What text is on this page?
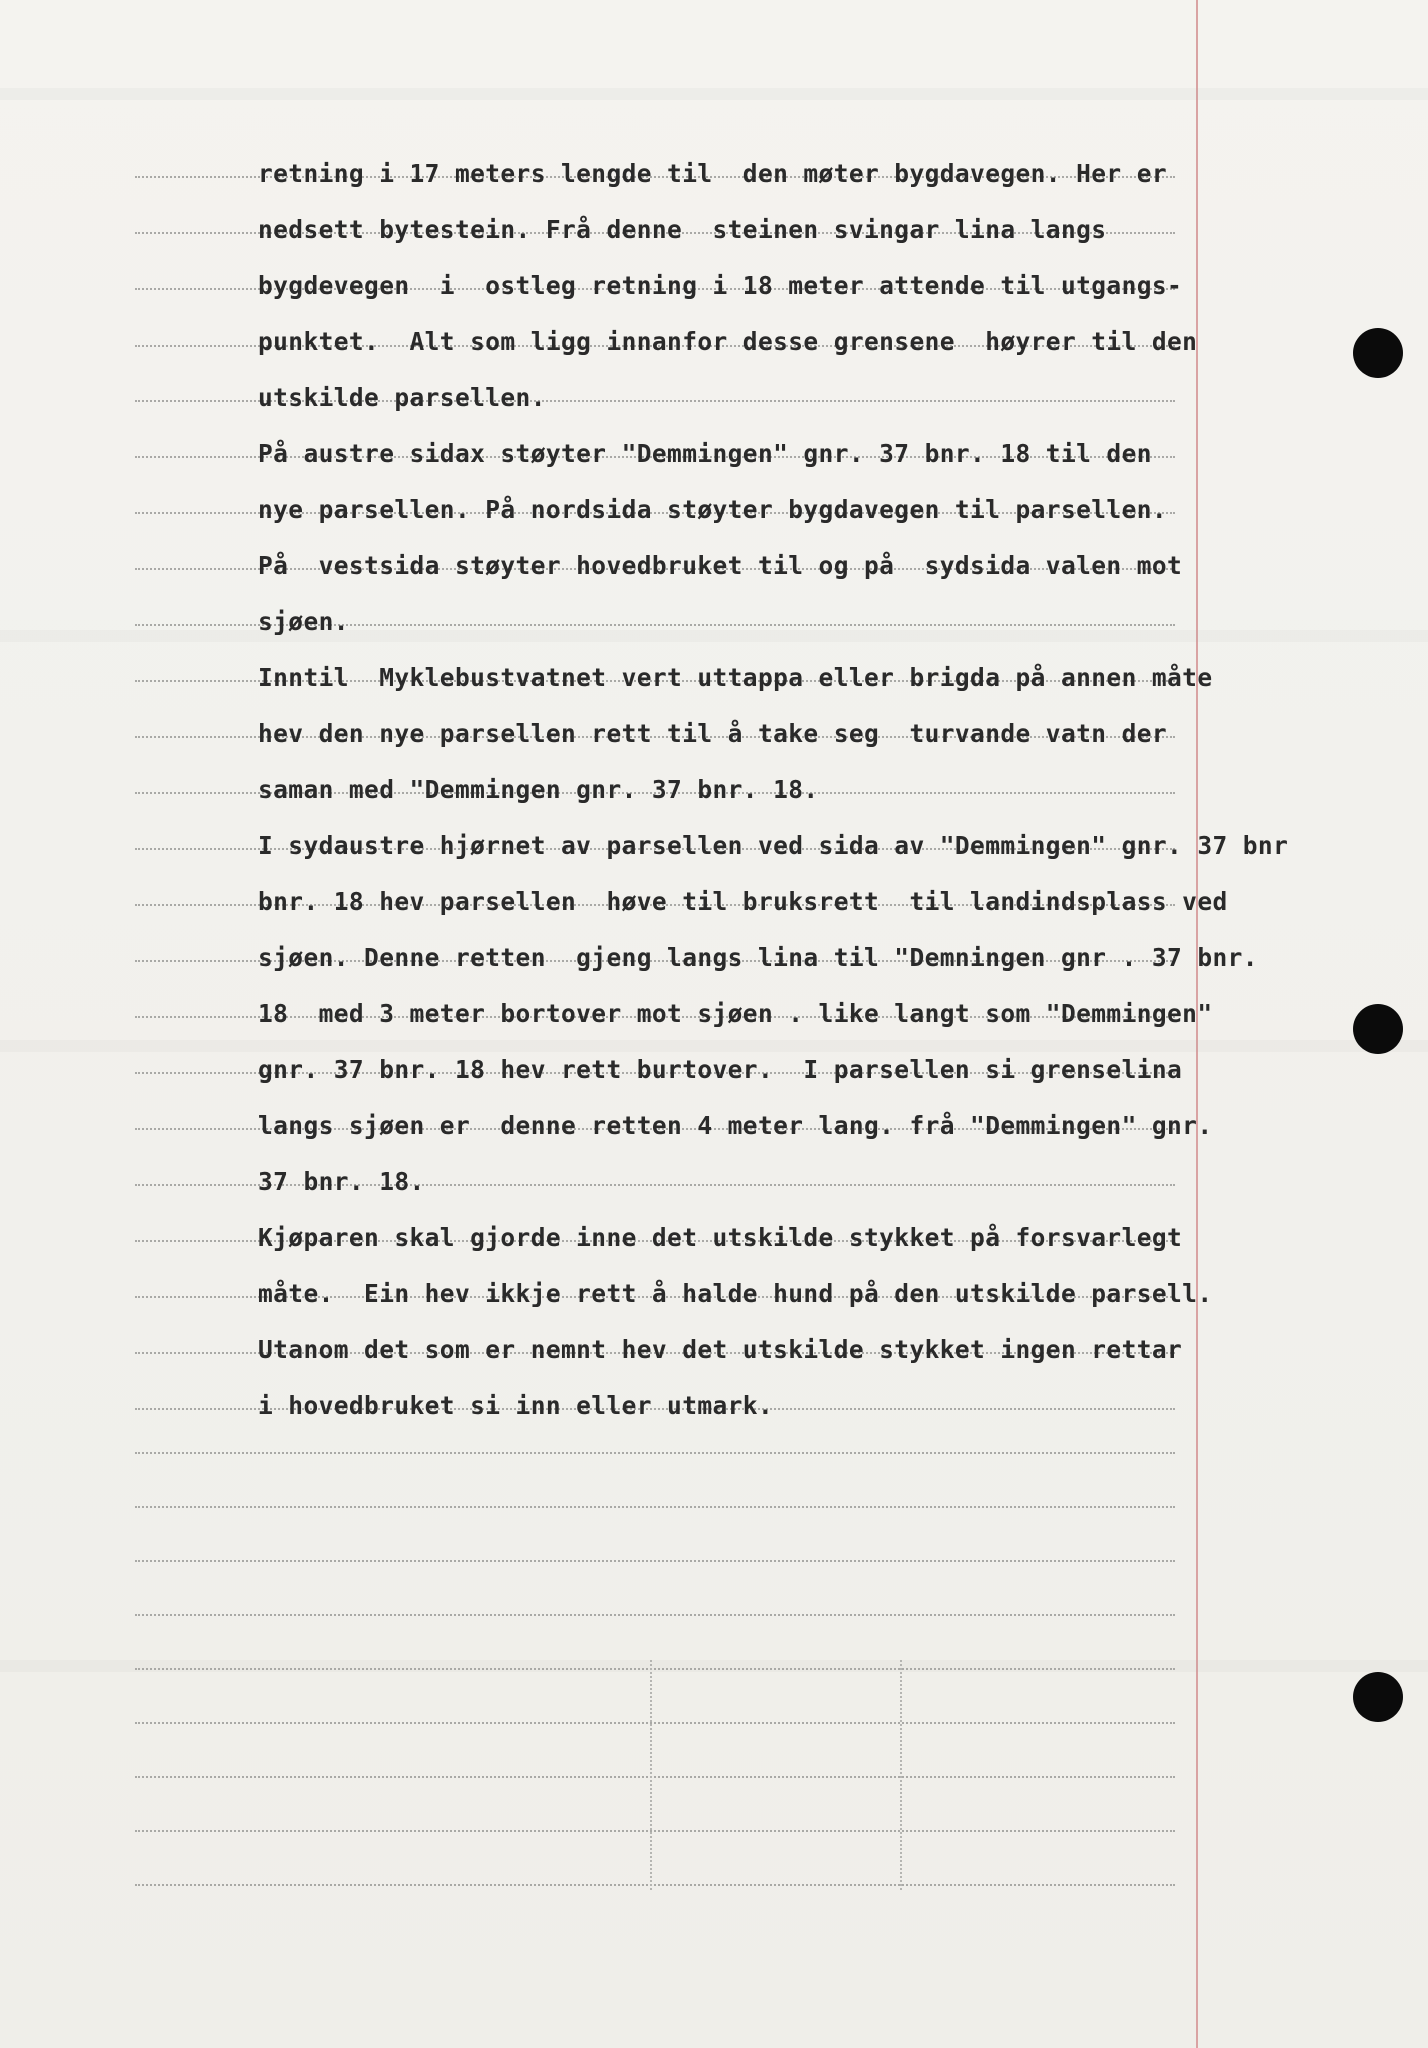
retning i 17 meters lengde til  den møter bygdavegen. Her er
nedsett bytestein. Frå denne  steinen svingar lina langs
bygdevegen  i  ostleg retning i 18 meter attende til utgangs-
punktet.  Alt som ligg innanfor desse grensene  høyrer til den
utskilde parsellen.
På austre sidax støyter "Demmingen" gnr. 37 bnr. 18 til den
nye parsellen. På nordsida støyter bygdavegen til parsellen.
På  vestsida støyter hovedbruket til og på  sydsida valen mot
sjøen.
Inntil  Myklebustvatnet vert uttappa eller brigda på annen måte
hev den nye parsellen rett til å take seg  turvande vatn der
saman med "Demmingen gnr. 37 bnr. 18.
I sydaustre hjørnet av parsellen ved sida av "Demmingen" gnr. 37 bnr
bnr. 18 hev parsellen  høve til bruksrett  til landindsplass ved
sjøen. Denne retten  gjeng langs lina til "Demningen gnr . 37 bnr.
18  med 3 meter bortover mot sjøen . like langt som "Demmingen"
gnr. 37 bnr. 18 hev rett burtover.  I parsellen si grenselina
langs sjøen er  denne retten 4 meter lang. frå "Demmingen" gnr.
37 bnr. 18.
Kjøparen skal gjorde inne det utskilde stykket på forsvarlegt
måte.  Ein hev ikkje rett å halde hund på den utskilde parsell.
Utanom det som er nemnt hev det utskilde stykket ingen rettar
i hovedbruket si inn eller utmark.
